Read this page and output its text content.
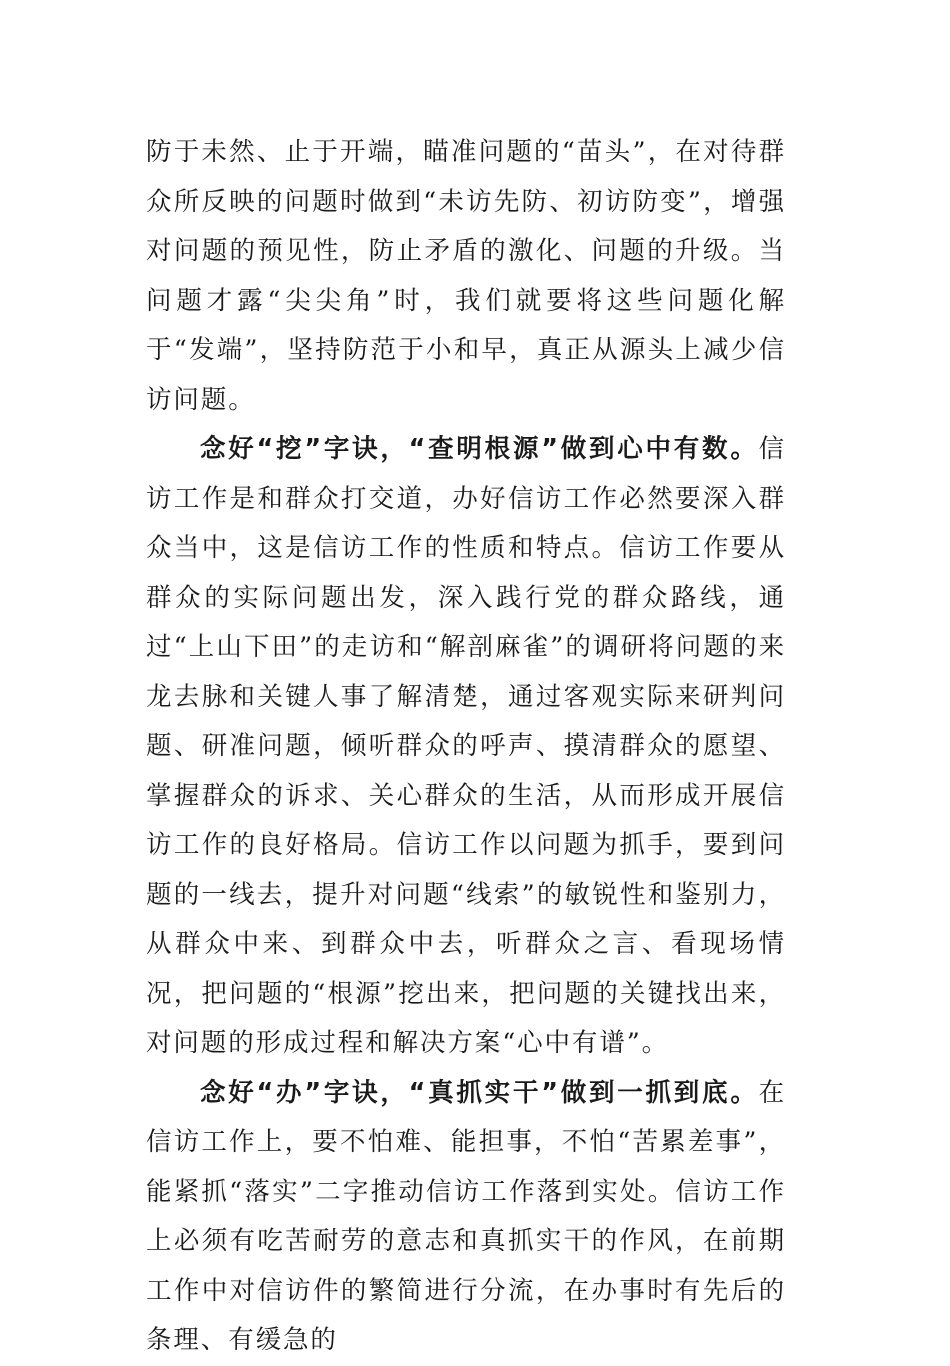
防于未然、止于开端，瞄准问题的“苗头”，在对待群众所反映的问题时做到“未访先防、初访防变”，增强对问题的预见性，防止矛盾的激化、问题的升级。当问题才露“尖尖角”时，我们就要将这些问题化解于“发端”，坚持防范于小和早，真正从源头上减少信访问题。

念好“挖”字诀，“查明根源”做到心中有数。信访工作是和群众打交道，办好信访工作必然要深入群众当中，这是信访工作的性质和特点。信访工作要从群众的实际问题出发，深入践行党的群众路线，通过“上山下田”的走访和“解剖麻雀”的调研将问题的来龙去脉和关键人事了解清楚，通过客观实际来研判问题、研准问题，倾听群众的呼声、摸清群众的愿望、掌握群众的诉求、关心群众的生活，从而形成开展信访工作的良好格局。信访工作以问题为抓手，要到问题的一线去，提升对问题“线索”的敏锐性和鉴别力，从群众中来、到群众中去，听群众之言、看现场情况，把问题的“根源”挖出来，把问题的关键找出来，对问题的形成过程和解决方案“心中有谱”。

念好“办”字诀，“真抓实干”做到一抓到底。在信访工作上，要不怕难、能担事，不怕“苦累差事”，能紧抓“落实”二字推动信访工作落到实处。信访工作上必须有吃苦耐劳的意志和真抓实干的作风，在前期工作中对信访件的繁简进行分流，在办事时有先后的条理、有缓急的
